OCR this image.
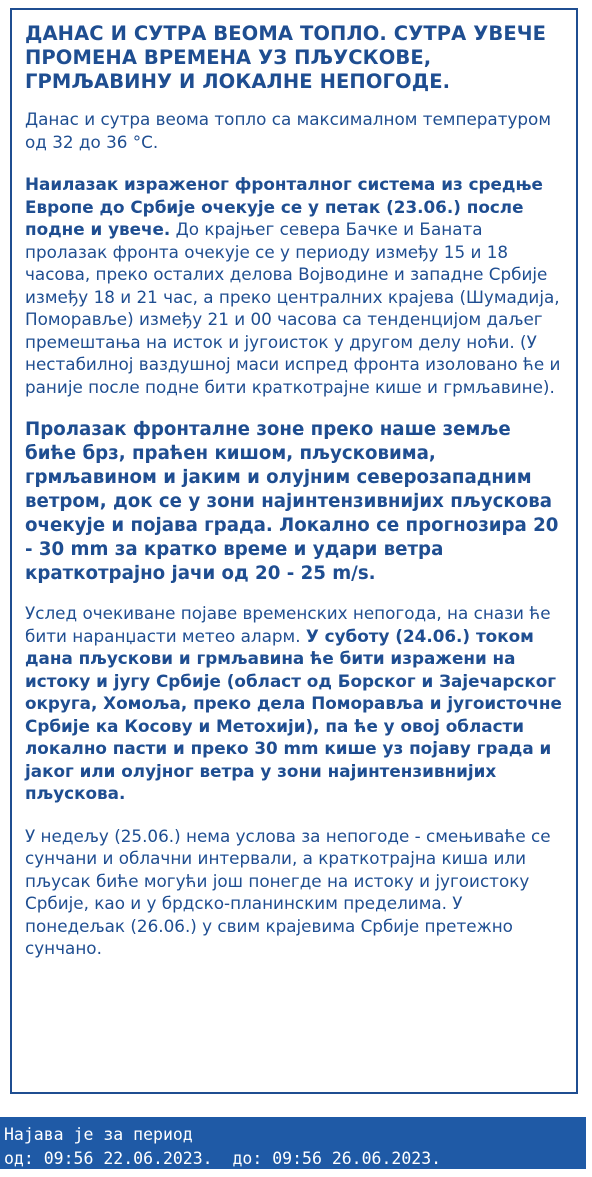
ДАНАС И СУТРА ВЕОМА ТОПЛО. СУТРА УВЕЧЕ ПРОМЕНА ВРЕМЕНА УЗ ПЉУСКОВЕ, ГРМЉАВИНУ И ЛОКАЛНЕ НЕПОГОДЕ.
Данас и сутра веома топло са максималном температуром од 32 до 36 °C.
Наилазак израженог фронталног система из средње Европе до Србије очекује се у петак (23.06.) после подне и увече. До крајњег севера Бачке и Баната пролазак фронта очекује се у периоду између 15 и 18 часова, преко осталих делова Војводине и западне Србије између 18 и 21 час, а преко централних крајева (Шумадија, Поморавље) између 21 и 00 часова са тенденцијом даљег премештања на исток и југоисток у другом делу ноћи. (У нестабилној ваздушној маси испред фронта изоловано ће и раније после подне бити краткотрајне кише и грмљавине).
Пролазак фронталне зоне преко наше земље биће брз, праћен кишом, пљусковима, грмљавином и јаким и олујним северозападним ветром, док се у зони најинтензивнијих пљускова очекује и појава града. Локално се прогнозира 20 - 30 mm за кратко време и удари ветра краткотрајно јачи од 20 - 25 m/s.
Услед очекиване појаве временских непогода, на снази ће бити наранџасти метео аларм. У суботу (24.06.) током дана пљускови и грмљавина ће бити изражени на истоку и југу Србије (област од Борског и Зајечарског округа, Хомоља, преко дела Поморавља и југоисточне Србије ка Косову и Метохији), па ће у овој области локално пасти и преко 30 mm кише уз појаву града и јаког или олујног ветра у зони најинтензивнијих пљускова.
У недељу (25.06.) нема услова за непогоде - смењиваће се сунчани и облачни интервали, а краткотрајна киша или пљусак биће могући још понегде на истоку и југоистоку Србије, као и у брдско-планинским пределима. У понедељак (26.06.) у свим крајевима Србије претежно сунчано.
Најава је за период
од: 09:56 22.06.2023.  до: 09:56 26.06.2023.
